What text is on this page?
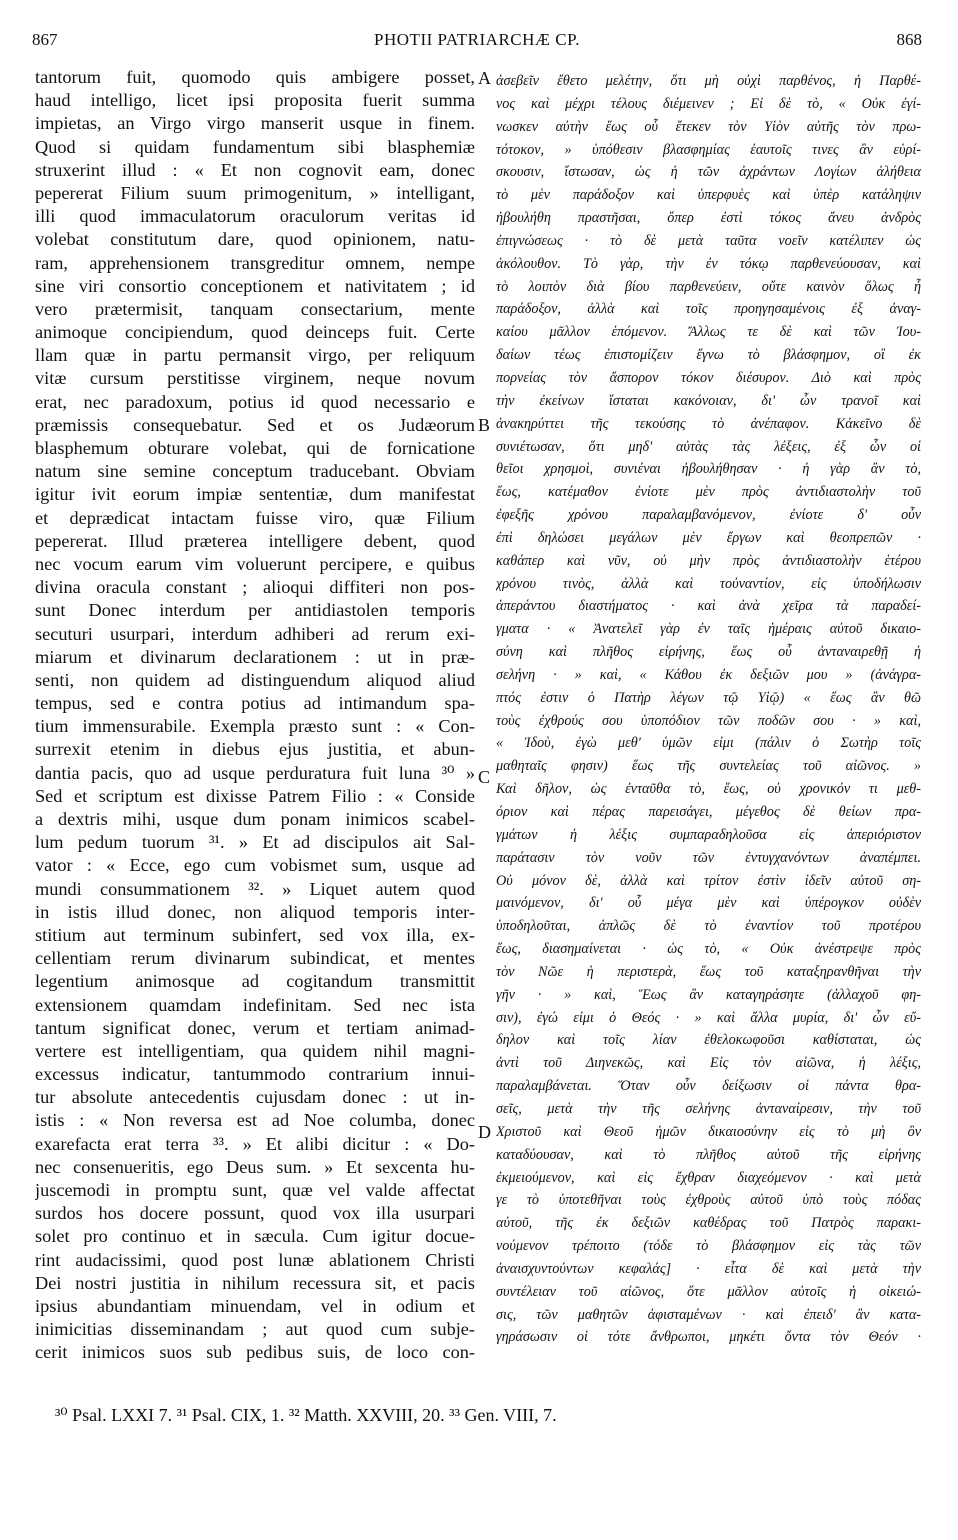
867	PHOTII PATRIARCHÆ CP.	868
tantorum fuit, quomodo quis ambigere posset,
haud intelligo, licet ipsi proposita fuerit summa
impietas, an Virgo virgo manserit usque in finem.
Quod si quidam fundamentum sibi blasphemiæ
struxerint illud : « Et non cognovit eam, donec
pepererat Filium suum primogenitum, » intelligant,
illi quod immaculatorum oraculorum veritas id
volebat constitutum dare, quod opinionem, natu-
ram, apprehensionem transgreditur omnem, nempe
sine viri consortio conceptionem et nativitatem ; id
vero prætermisit, tanquam consectarium, mente
animoque concipiendum, quod deinceps fuit. Certe
llam quæ in partu permansit virgo, per reliquum
vitæ cursum perstitisse virginem, neque novum
erat, nec paradoxum, potius id quod necessario e
præmissis consequebatur. Sed et os Judæorum
blasphemum obturare volebat, qui de fornicatione
natum sine semine conceptum traducebant. Obviam
igitur ivit eorum impiæ sententiæ, dum manifestat
et deprædicat intactam fuisse viro, quæ Filium
pepererat. Illud præterea intelligere debent, quod
nec vocum earum vim voluerunt percipere, e quibus
divina oracula constant ; alioqui diffiteri non pos-
sunt Donec interdum per antidiastolen temporis
secuturi usurpari, interdum adhiberi ad rerum exi-
miarum et divinarum declarationem : ut in præ-
senti, non quidem ad distinguendum aliquod aliud
tempus, sed e contra potius ad intimandum spa-
tium immensurabile. Exempla præsto sunt : « Con-
surrexit etenim in diebus ejus justitia, et abun-
dantia pacis, quo ad usque perduratura fuit luna ³⁰ »
Sed et scriptum est dixisse Patrem Filio : « Conside
a dextris mihi, usque dum ponam inimicos scabel-
lum pedum tuorum ³¹. » Et ad discipulos ait Sal-
vator : « Ecce, ego cum vobismet sum, usque ad
mundi consummationem ³². » Liquet autem quod
in istis illud donec, non aliquod temporis inter-
stitium aut terminum subinfert, sed vox illa, ex-
cellentiam rerum divinarum subindicat, et mentes
legentium animosque ad cogitandum transmittit
extensionem quamdam indefinitam. Sed nec ista
tantum significat donec, verum et tertiam animad-
vertere est intelligentiam, qua quidem nihil magni-
excessus indicatur, tantummodo contrarium innui-
tur absolute antecedentis cujusdam donec : ut in-
istis : « Non reversa est ad Noe columba, donec
exarefacta erat terra ³³. » Et alibi dicitur : « Do-
nec consenueritis, ego Deus sum. » Et sexcenta hu-
juscemodi in promptu sunt, quæ vel valde affectat
surdos hos docere possunt, quod vox illa usurpari
solet pro continuo et in sæcula. Cum igitur docue-
rint audacissimi, quod post lunæ ablationem Christi
Dei nostri justitia in nihilum recessura sit, et pacis
ipsius abundantiam minuendam, vel in odium et
inimicitias disseminandam ; aut quod cum subje-
cerit inimicos suos sub pedibus suis, de loco con-
ἀσεβεῖν ἔθετο μελέτην, ὅτι μὴ οὐχὶ παρθένος, ἡ Παρθέ-
νος καὶ μέχρι τέλους διέμεινεν ; Εἰ δὲ τὸ, « Οὐκ ἐγί-
νωσκεν αὐτὴν ἕως οὗ ἔτεκεν τὸν Υἱὸν αὐτῆς τὸν πρω-
τότοκον, » ὑπόθεσιν βλασφημίας ἑαυτοῖς τινες ἂν εὑρί-
σκουσιν, ἴστωσαν, ὡς ἡ τῶν ἀχράντων Λογίων ἀλήθεια
τὸ μὲν παράδοξον καὶ ὑπερφυὲς καὶ ὑπὲρ κατάληψιν
ἠβουλήθη πραστῆσαι, ὅπερ ἐστὶ τόκος ἄνευ ἀνδρὸς
ἐπιγνώσεως · τὸ δὲ μετὰ ταῦτα νοεῖν κατέλιπεν ὡς
ἀκόλουθον. Τὸ γὰρ, τὴν ἐν τόκῳ παρθενεύουσαν, καὶ
τὸ λοιπὸν διὰ βίου παρθενεύειν, οὔτε καινὸν ὅλως ἦ
παράδοξον, ἀλλὰ καὶ τοῖς προηγησαμένοις ἐξ ἀναγ-
καίου μᾶλλον ἑπόμενον. Ἄλλως τε δὲ καὶ τῶν Ἰου-
δαίων τέως ἐπιστομίζειν ἔγνω τὸ βλάσφημον, οἳ ἐκ
πορνείας τὸν ἄσπορον τόκον διέσυρον. Διὸ καὶ πρὸς
τὴν ἐκείνων ἵσταται κακόνοιαν, δι' ὧν τρανοῖ καὶ
ἀνακηρύττει τῆς τεκούσης τὸ ἀνέπαφον. Κἀκεῖνο δὲ
συνιέτωσαν, ὅτι μηδ' αὐτὰς τὰς λέξεις, ἐξ ὧν οἱ
θεῖοι χρησμοὶ, συνιέναι ἠβουλήθησαν · ἡ γὰρ ἂν τὸ,
ἕως, κατέμαθον ἐνίοτε μὲν πρὸς ἀντιδιαστολὴν τοῦ
ἐφεξῆς χρόνου παραλαμβανόμενον, ἐνίοτε δ' οὖν
ἐπὶ δηλώσει μεγάλων μὲν ἔργων καὶ θεοπρεπῶν ·
καθάπερ καὶ νῦν, οὐ μὴν πρὸς ἀντιδιαστολὴν ἑτέρου
χρόνου τινὸς, ἀλλὰ καὶ τοὐναντίον, εἰς ὑποδήλωσιν
ἀπεράντου διαστήματος · καὶ ἀνὰ χεῖρα τὰ παραδεί-
γματα · « Ἀνατελεῖ γὰρ ἐν ταῖς ἡμέραις αὐτοῦ δικαιο-
σύνη καὶ πλῆθος εἰρήνης, ἕως οὗ ἀνταναιρεθῇ ἡ
σελήνη · » καὶ, « Κάθου ἐκ δεξιῶν μου » (ἀνάγρα-
πτός ἐστιν ὁ Πατὴρ λέγων τῷ Υἱῷ) « ἕως ἂν θῶ
τοὺς ἐχθρούς σου ὑποπόδιον τῶν ποδῶν σου · » καὶ,
« Ἰδοὺ, ἐγὼ μεθ' ὑμῶν εἰμι (πάλιν ὁ Σωτὴρ τοῖς
μαθηταῖς φησιν) ἕως τῆς συντελείας τοῦ αἰῶνος. »
Καὶ δῆλον, ὡς ἐνταῦθα τὸ, ἕως, οὐ χρονικόν τι μεθ-
όριον καὶ πέρας παρεισάγει, μέγεθος δὲ θείων πρα-
γμάτων ἡ λέξις συμπαραδηλοῦσα εἰς ἀπεριόριστον
παράτασιν τὸν νοῦν τῶν ἐντυγχανόντων ἀναπέμπει.
Οὐ μόνον δὲ, ἀλλὰ καὶ τρίτον ἐστὶν ἰδεῖν αὐτοῦ ση-
μαινόμενον, δι' οὗ μέγα μὲν καὶ ὑπέρογκον οὐδὲν
ὑποδηλοῦται, ἁπλῶς δὲ τὸ ἐναντίον τοῦ προτέρου
ἕως, διασημαίνεται · ὡς τὸ, « Οὐκ ἀνέστρεψε πρὸς
τὸν Νῶε ἡ περιστερὰ, ἕως τοῦ καταξηρανθῆναι τὴν
γῆν · » καὶ, Ἕως ἂν καταγηράσητε (ἀλλαχοῦ φη-
σιν), ἐγώ εἰμι ὁ Θεός · » καὶ ἄλλα μυρία, δι' ὧν εὔ-
δηλον καὶ τοῖς λίαν ἐθελοκωφοῦσι καθίσταται, ὡς
ἀντὶ τοῦ Διηνεκῶς, καὶ Εἰς τὸν αἰῶνα, ἡ λέξις,
παραλαμβάνεται. Ὅταν οὖν δείξωσιν οἱ πάντα θρα-
σεῖς, μετὰ τὴν τῆς σελήνης ἀνταναίρεσιν, τὴν τοῦ
Χριστοῦ καὶ Θεοῦ ἡμῶν δικαιοσύνην εἰς τὸ μὴ ὂν
καταδύουσαν, καὶ τὸ πλῆθος αὐτοῦ τῆς εἰρήνης
ἐκμειούμενον, καὶ εἰς ἔχθραν διαχεόμενον · καὶ μετὰ
γε τὸ ὑποτεθῆναι τοὺς ἐχθροὺς αὐτοῦ ὑπὸ τοὺς πόδας
αὐτοῦ, τῆς ἐκ δεξιῶν καθέδρας τοῦ Πατρὸς παρακι-
νούμενον τρέποιτο (τόδε τὸ βλάσφημον εἰς τὰς τῶν
ἀναισχυντούντων κεφαλάς] · εἶτα δὲ καὶ μετὰ τὴν
συντέλειαν τοῦ αἰῶνος, ὅτε μᾶλλον αὐτοῖς ἡ οἰκειώ-
σις, τῶν μαθητῶν ἀφισταμένων · καὶ ἐπειδ' ἂν κατα-
γηράσωσιν οἱ τότε ἄνθρωποι, μηκέτι ὄντα τὸν Θεόν ·
A
B
C
D
³⁰ Psal. LXXI 7. ³¹ Psal. CIX, 1. ³² Matth. XXVIII, 20. ³³ Gen. VIII, 7.
